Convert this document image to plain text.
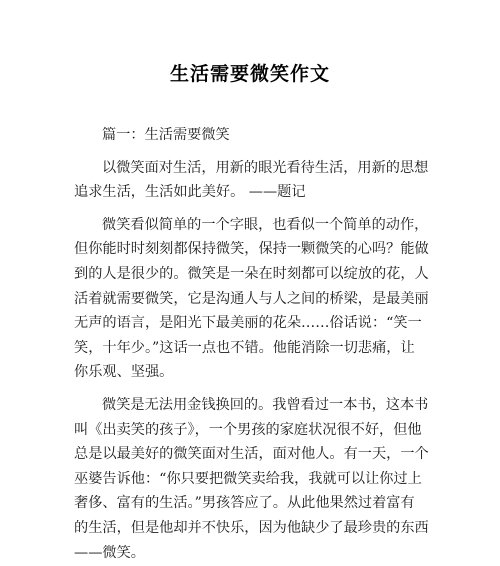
生活需要微笑作文
篇一：生活需要微笑
以微笑面对生活，用新的眼光看待生活，用新的思想
追求生活，生活如此美好。 ——题记
微笑看似简单的一个字眼，也看似一个简单的动作，
但你能时时刻刻都保持微笑，保持一颗微笑的心吗？能做
到的人是很少的。微笑是一朵在时刻都可以绽放的花，人
活着就需要微笑，它是沟通人与人之间的桥梁，是最美丽
无声的语言，是阳光下最美丽的花朵……俗话说：“笑一
笑，十年少。”这话一点也不错。他能消除一切悲痛，让
你乐观、坚强。
微笑是无法用金钱换回的。我曾看过一本书，这本书
叫《出卖笑的孩子》，一个男孩的家庭状况很不好，但他
总是以最美好的微笑面对生活，面对他人。有一天，一个
巫婆告诉他：“你只要把微笑卖给我，我就可以让你过上
奢侈、富有的生活。”男孩答应了。从此他果然过着富有
的生活，但是他却并不快乐，因为他缺少了最珍贵的东西
——微笑。
